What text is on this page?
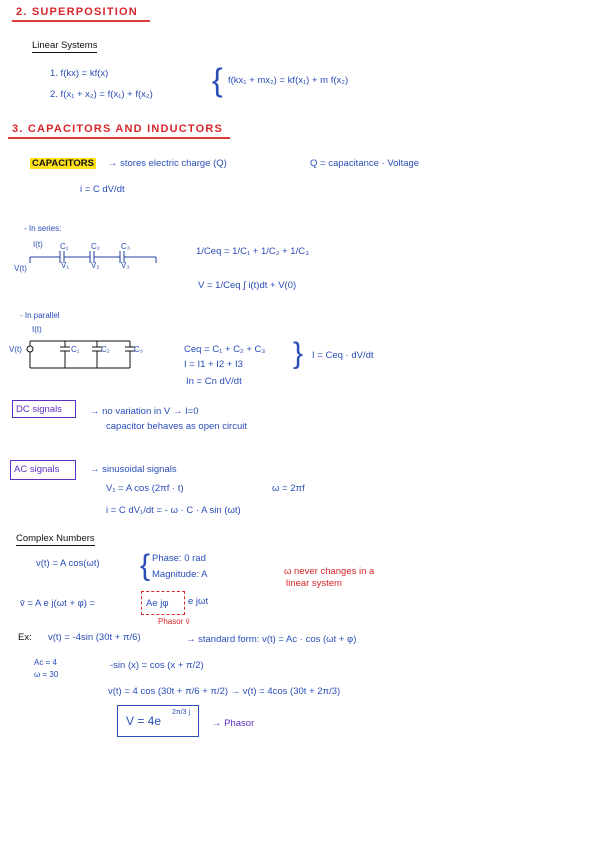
2. SUPERPOSITION
Linear Systems
1. f(kx) = kf(x)
2. f(x₁ + x₂) = f(x₁) + f(x₂) { f(kx₁ + mx₂) = kf(x₁) + m f(x₂)
3. CAPACITORS AND INDUCTORS
CAPACITORS → stores electric charge (Q)	Q = capacitance · Voltage
i = C dV/dt
- In series:
I(t) C₁	C₂	C₃
V(t)	V₁	V₂	V₃
1/Ceq = 1/C₁ + 1/C₂ + 1/C₃
V = 1/Ceq ∫ i(t)dt + V(0)
- In parallel
I(t)
V(t)	C₁	C₂	C₃	Ceq = C₁ + C₂ + C₃
I = I1 + I2 + I3
In = Cn dV/dt
} I = Ceq · dV/dt
DC signals	→ no variation in V → I=0
capacitor behaves as open circuit
AC signals	→ sinusoidal signals
V₁ = A cos (2πf · t)	ω = 2πf
i = C dV₁/dt = - ω · C · A sin (ωt)
Complex Numbers
v(t) = A cos(ωt) { Phase: 0 rad
Magnitude: A	ω never changes in a
linear system
v̄ = A e j(ωt + φ) =	Ae jφ e jωt
Phasor v̄
Ex: v(t) = -4sin (30t + π/6)	→ standard form: v(t) = Ac · cos (ωt + φ)
Ac = 4
ω = 30
-sin (x) = cos (x + π/2)
v(t) = 4 cos (30t + π/6 + π/2) → v(t) = 4cos (30t + 2π/3)
V = 4e
2π/3 j
→ Phasor
